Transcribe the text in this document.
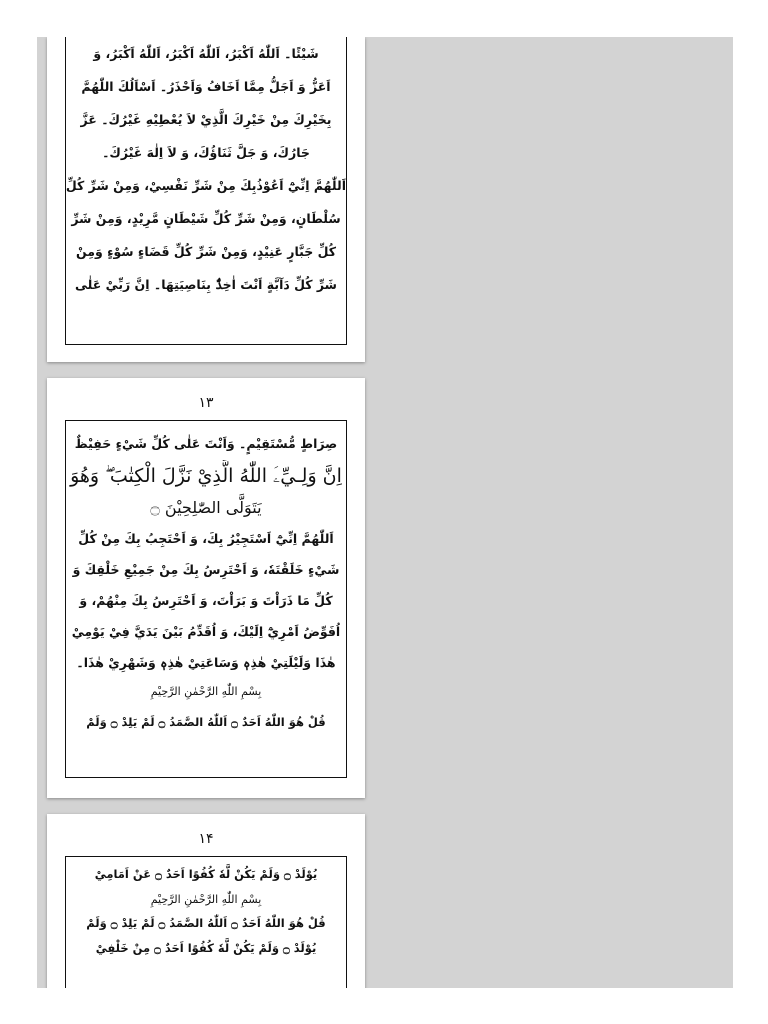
شَيْئًا۔ اَللّٰهُ اَكْبَرُ، اَللّٰهُ اَكْبَرُ، اَللّٰهُ اَكْبَرُ، وَ
اَعَزُّ وَ اَجَلُّ مِمَّا اَخَافُ وَاَحْذَرُ۔ اَسْاَلُكَ اللّٰهُمَّ
بِخَيْرِكَ مِنْ خَيْرِكَ الَّذِيْ لاَ يُعْطِيْهِ غَيْرُكَ۔ عَزَّ
جَارُكَ، وَ جَلَّ ثَنَاؤُكَ، وَ لاَ اِلٰهَ غَيْرُكَ۔
اَللّٰهُمَّ اِنِّيْٓ اَعُوْذُبِكَ مِنْ شَرِّ نَفْسِيْ، وَمِنْ شَرِّ كُلِّ
سُلْطَانٍ، وَمِنْ شَرِّ كُلِّ شَيْطَانٍ مَّرِيْدٍ، وَمِنْ شَرِّ
كُلِّ جَبَّارٍ عَنِيْدٍ، وَمِنْ شَرِّ كُلِّ قَضَاءٍ سُوْءٍ وَمِنْ
شَرِّ كُلِّ دَآبَّةٍ اَنْتَ اٰخِذٌۢ بِنَاصِيَتِهَا۔ اِنَّ رَبِّيْ عَلٰى
۱۳
صِرَاطٍ مُّسْتَقِيْمٍ۔ وَاَنْتَ عَلٰى كُلِّ شَيْءٍ حَفِيْظٌ
اِنَّ وَلِـيِّۦَ اللّٰهُ الَّذِيْ نَزَّلَ الْكِتٰبَ ۖ وَهُوَ
يَتَوَلَّى الصّٰلِحِيْنَ ۝
اَللّٰهُمَّ اِنِّيْٓ اَسْتَجِيْرُ بِكَ، وَ اَحْتَجِبُ بِكَ مِنْ كُلِّ
شَيْءٍ خَلَقْتَهٗ، وَ اَحْتَرِسُ بِكَ مِنْ جَمِيْعِ خَلْقِكَ وَ
كُلِّ مَا ذَرَاْتَ وَ بَرَاْتَ، وَ اَحْتَرِسُ بِكَ مِنْهُمْ، وَ
اُفَوِّضُ اَمْرِيْٓ اِلَيْكَ، وَ اُقَدِّمُ بَيْنَ يَدَيَّ فِيْ يَوْمِيْ
هٰذَا وَلَيْلَتِيْ هٰذِهٖ وَسَاعَتِيْ هٰذِهٖ وَشَهْرِيْ هٰذَا۔
بِسْمِ اللّٰهِ الرَّحْمٰنِ الرَّحِيْمِ
قُلْ هُوَ اللّٰهُ اَحَدٌ ۝ اَللّٰهُ الصَّمَدُ ۝ لَمْ يَلِدْ ۝ وَلَمْ
۱۴
يُوْلَدْ ۝ وَلَمْ يَكُنْ لَّهٗ كُفُوًا اَحَدٌ ۝ عَنْ اَمَامِيْ
بِسْمِ اللّٰهِ الرَّحْمٰنِ الرَّحِيْمِ
قُلْ هُوَ اللّٰهُ اَحَدٌ ۝ اَللّٰهُ الصَّمَدُ ۝ لَمْ يَلِدْ ۝ وَلَمْ
يُوْلَدْ ۝ وَلَمْ يَكُنْ لَّهٗ كُفُوًا اَحَدٌ ۝ مِنْ خَلْفِيْ
